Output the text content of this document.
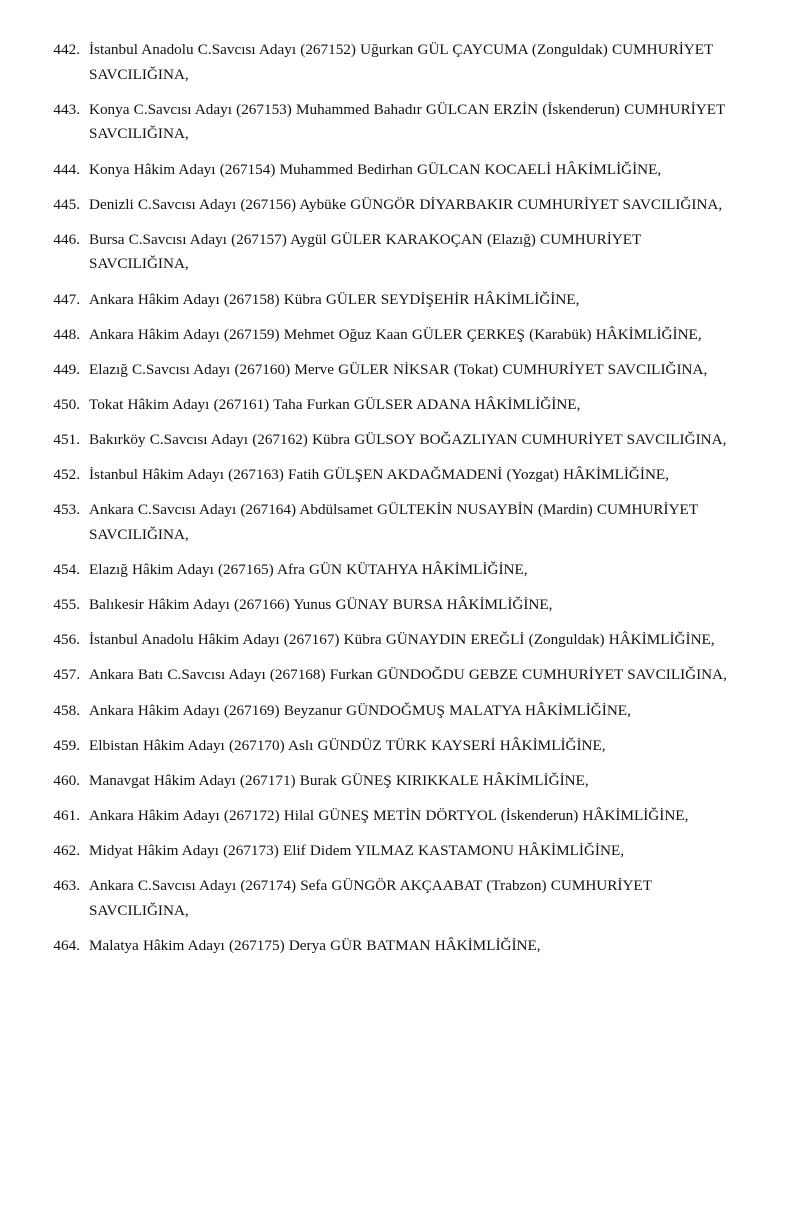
442. İstanbul Anadolu C.Savcısı Adayı (267152) Uğurkan GÜL ÇAYCUMA (Zonguldak) CUMHURİYET SAVCILIĞINA,
443. Konya C.Savcısı Adayı (267153) Muhammed Bahadır GÜLCAN ERZİN (İskenderun) CUMHURİYET SAVCILIĞINA,
444. Konya Hâkim Adayı (267154) Muhammed Bedirhan GÜLCAN KOCAELİ HÂKİMLİĞİNE,
445. Denizli C.Savcısı Adayı (267156) Aybüke GÜNGÖR DİYARBAKIR CUMHURİYET SAVCILIĞINA,
446. Bursa C.Savcısı Adayı (267157) Aygül GÜLER KARAKOÇAN (Elazığ) CUMHURİYET SAVCILIĞINA,
447. Ankara Hâkim Adayı (267158) Kübra GÜLER SEYDİŞEHİR HÂKİMLİĞİNE,
448. Ankara Hâkim Adayı (267159) Mehmet Oğuz Kaan GÜLER ÇERKEŞ (Karabük) HÂKİMLİĞİNE,
449. Elazığ C.Savcısı Adayı (267160) Merve GÜLER NİKSAR (Tokat) CUMHURİYET SAVCILIĞINA,
450. Tokat Hâkim Adayı (267161) Taha Furkan GÜLSER ADANA HÂKİMLİĞİNE,
451. Bakırköy C.Savcısı Adayı (267162) Kübra GÜLSOY BOĞAZLIYAN CUMHURİYET SAVCILIĞINA,
452. İstanbul Hâkim Adayı (267163) Fatih GÜLŞEN AKDAĞMADENİ (Yozgat) HÂKİMLİĞİNE,
453. Ankara C.Savcısı Adayı (267164) Abdülsamet GÜLTEKİN NUSAYBİN (Mardin) CUMHURİYET SAVCILIĞINA,
454. Elazığ Hâkim Adayı (267165) Afra GÜN KÜTAHYA HÂKİMLİĞİNE,
455. Balıkesir Hâkim Adayı (267166) Yunus GÜNAY BURSA HÂKİMLİĞİNE,
456. İstanbul Anadolu Hâkim Adayı (267167) Kübra GÜNAYDIN EREĞLİ (Zonguldak) HÂKİMLİĞİNE,
457. Ankara Batı C.Savcısı Adayı (267168) Furkan GÜNDOĞDU GEBZE CUMHURİYET SAVCILIĞINA,
458. Ankara Hâkim Adayı (267169) Beyzanur GÜNDOĞMUŞ MALATYA HÂKİMLİĞİNE,
459. Elbistan Hâkim Adayı (267170) Aslı GÜNDÜZ TÜRK KAYSERİ HÂKİMLİĞİNE,
460. Manavgat Hâkim Adayı (267171) Burak GÜNEŞ KIRIKKALE HÂKİMLİĞİNE,
461. Ankara Hâkim Adayı (267172) Hilal GÜNEŞ METİN DÖRTYOL (İskenderun) HÂKİMLİĞİNE,
462. Midyat Hâkim Adayı (267173) Elif Didem YILMAZ KASTAMONU HÂKİMLİĞİNE,
463. Ankara C.Savcısı Adayı (267174) Sefa GÜNGÖR AKÇAABAT (Trabzon) CUMHURİYET SAVCILIĞINA,
464. Malatya Hâkim Adayı (267175) Derya GÜR BATMAN HÂKİMLİĞİNE,
